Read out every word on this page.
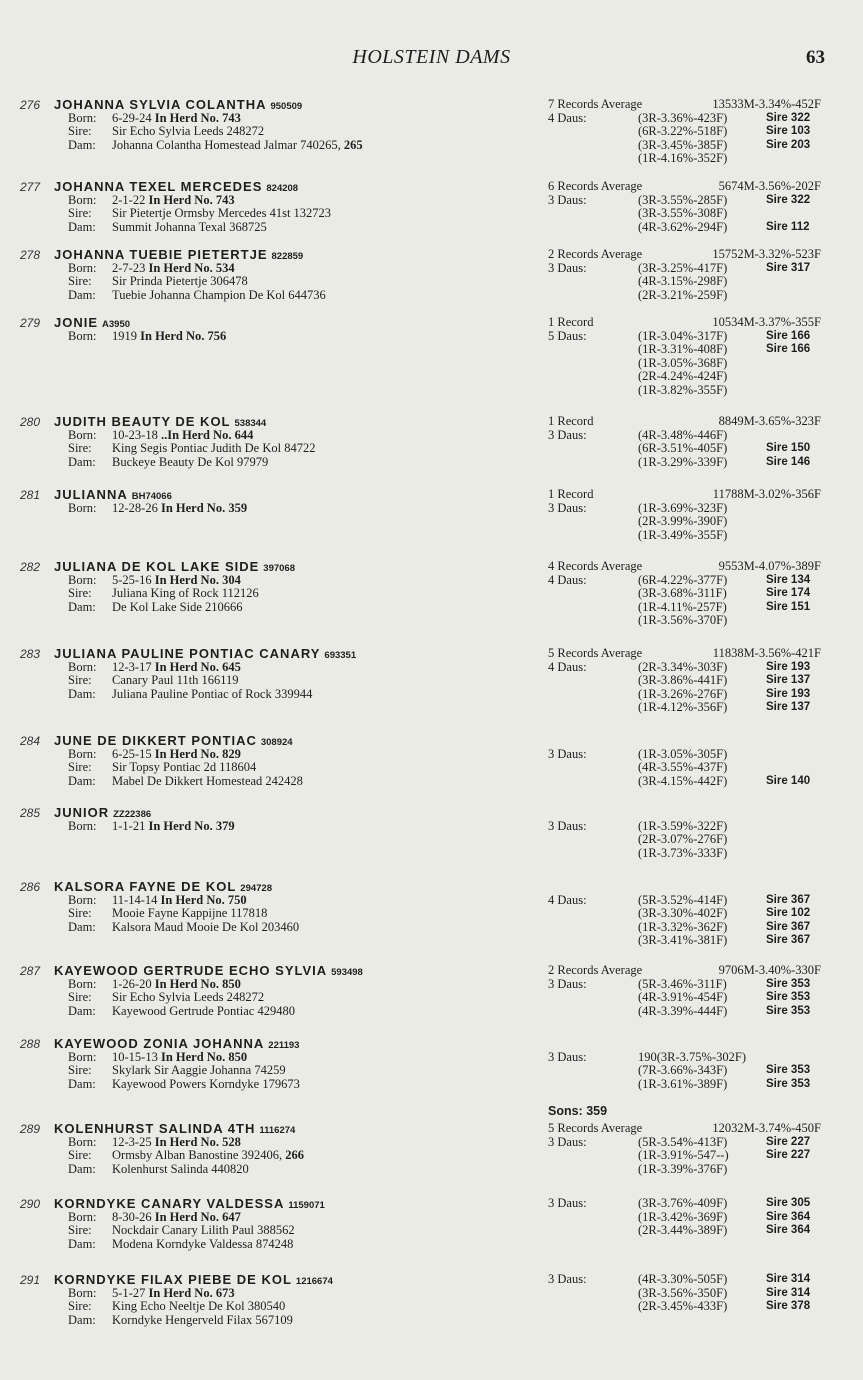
HOLSTEIN DAMS	63
276 JOHANNA SYLVIA COLANTHA 950509
Born: 6-29-24 In Herd No. 743
Sire: Sir Echo Sylvia Leeds 248272
Dam: Johanna Colantha Homestead Jalmar 740265, 265
7 Records Average	13533M-3.34%-452F
4 Daus:	(3R-3.36%-423F)	Sire 322
(6R-3.22%-518F)	Sire 103
(3R-3.45%-385F)	Sire 203
(1R-4.16%-352F)
277 JOHANNA TEXEL MERCEDES 824208
Born: 2-1-22 In Herd No. 743
Sire: Sir Pietertje Ormsby Mercedes 41st 132723
Dam: Summit Johanna Texal 368725
6 Records Average	5674M-3.56%-202F
3 Daus:	(3R-3.55%-285F)	Sire 322
(3R-3.55%-308F)
(4R-3.62%-294F)	Sire 112
278 JOHANNA TUEBIE PIETERTJE 822859
Born: 2-7-23 In Herd No. 534
Sire: Sir Prinda Pietertje 306478
Dam: Tuebie Johanna Champion De Kol 644736
2 Records Average	15752M-3.32%-523F
3 Daus:	(3R-3.25%-417F)	Sire 317
(4R-3.15%-298F)
(2R-3.21%-259F)
279 JONIE A3950
Born: 1919 In Herd No. 756
1 Record	10534M-3.37%-355F
5 Daus:	(1R-3.04%-317F)	Sire 166
(1R-3.31%-408F)	Sire 166
(1R-3.05%-368F)
(2R-4.24%-424F)
(1R-3.82%-355F)
280 JUDITH BEAUTY DE KOL 538344
Born: 10-23-18 ..In Herd No. 644
Sire: King Segis Pontiac Judith De Kol 84722
Dam: Buckeye Beauty De Kol 97979
1 Record	8849M-3.65%-323F
3 Daus:	(4R-3.48%-446F)
(6R-3.51%-405F)	Sire 150
(1R-3.29%-339F)	Sire 146
281 JULIANNA BH74066
Born: 12-28-26 In Herd No. 359
1 Record	11788M-3.02%-356F
3 Daus:	(1R-3.69%-323F)
(2R-3.99%-390F)
(1R-3.49%-355F)
282 JULIANA DE KOL LAKE SIDE 397068
Born: 5-25-16 In Herd No. 304
Sire: Juliana King of Rock 112126
Dam: De Kol Lake Side 210666
4 Records Average	9553M-4.07%-389F
4 Daus:	(6R-4.22%-377F)	Sire 134
(3R-3.68%-311F)	Sire 174
(1R-4.11%-257F)	Sire 151
(1R-3.56%-370F)
283 JULIANA PAULINE PONTIAC CANARY 693351
Born: 12-3-17 In Herd No. 645
Sire: Canary Paul 11th 166119
Dam: Juliana Pauline Pontiac of Rock 339944
5 Records Average	11838M-3.56%-421F
4 Daus:	(2R-3.34%-303F)	Sire 193
(3R-3.86%-441F)	Sire 137
(1R-3.26%-276F)	Sire 193
(1R-4.12%-356F)	Sire 137
284 JUNE DE DIKKERT PONTIAC 308924
Born: 6-25-15 In Herd No. 829
Sire: Sir Topsy Pontiac 2d 118604
Dam: Mabel De Dikkert Homestead 242428
3 Daus:	(1R-3.05%-305F)
(4R-3.55%-437F)
(3R-4.15%-442F)	Sire 140
285 JUNIOR ZZ22386
Born: 1-1-21 In Herd No. 379	3 Daus:	(1R-3.59%-322F)
(2R-3.07%-276F)
(1R-3.73%-333F)
286 KALSORA FAYNE DE KOL 294728
Born: 11-14-14 In Herd No. 750
Sire: Mooie Fayne Kappijne 117818
Dam: Kalsora Maud Mooie De Kol 203460
4 Daus:	(5R-3.52%-414F)	Sire 367
(3R-3.30%-402F)	Sire 102
(1R-3.32%-362F)	Sire 367
(3R-3.41%-381F)	Sire 367
287 KAYEWOOD GERTRUDE ECHO SYLVIA 593498
Born: 1-26-20 In Herd No. 850
Sire: Sir Echo Sylvia Leeds 248272
Dam: Kayewood Gertrude Pontiac 429480
2 Records Average	9706M-3.40%-330F
3 Daus:	(5R-3.46%-311F)	Sire 353
(4R-3.91%-454F)	Sire 353
(4R-3.39%-444F)	Sire 353
288 KAYEWOOD ZONIA JOHANNA 221193
Born: 10-15-13 In Herd No. 850
Sire: Skylark Sir Aaggie Johanna 74259
Dam: Kayewood Powers Korndyke 179673
3 Daus:	190(3R-3.75%-302F)
(7R-3.66%-343F)	Sire 353
(1R-3.61%-389F)	Sire 353
Sons: 359
289 KOLENHURST SALINDA 4TH 1116274
Born: 12-3-25 In Herd No. 528
Sire: Ormsby Alban Banostine 392406, 266
Dam: Kolenhurst Salinda 440820
5 Records Average	12032M-3.74%-450F
3 Daus:	(5R-3.54%-413F)	Sire 227
(1R-3.91%-547--)	Sire 227
(1R-3.39%-376F)
290 KORNDYKE CANARY VALDESSA 1159071
Born: 8-30-26 In Herd No. 647
Sire: Nockdair Canary Lilith Paul 388562
Dam: Modena Korndyke Valdessa 874248
3 Daus:	(3R-3.76%-409F)	Sire 305
(1R-3.42%-369F)	Sire 364
(2R-3.44%-389F)	Sire 364
291 KORNDYKE FILAX PIEBE DE KOL 1216674
Born: 5-1-27 In Herd No. 673
Sire: King Echo Neeltje De Kol 380540
Dam: Korndyke Hengerveld Filax 567109
3 Daus:	(4R-3.30%-505F)	Sire 314
(3R-3.56%-350F)	Sire 314
(2R-3.45%-433F)	Sire 378
